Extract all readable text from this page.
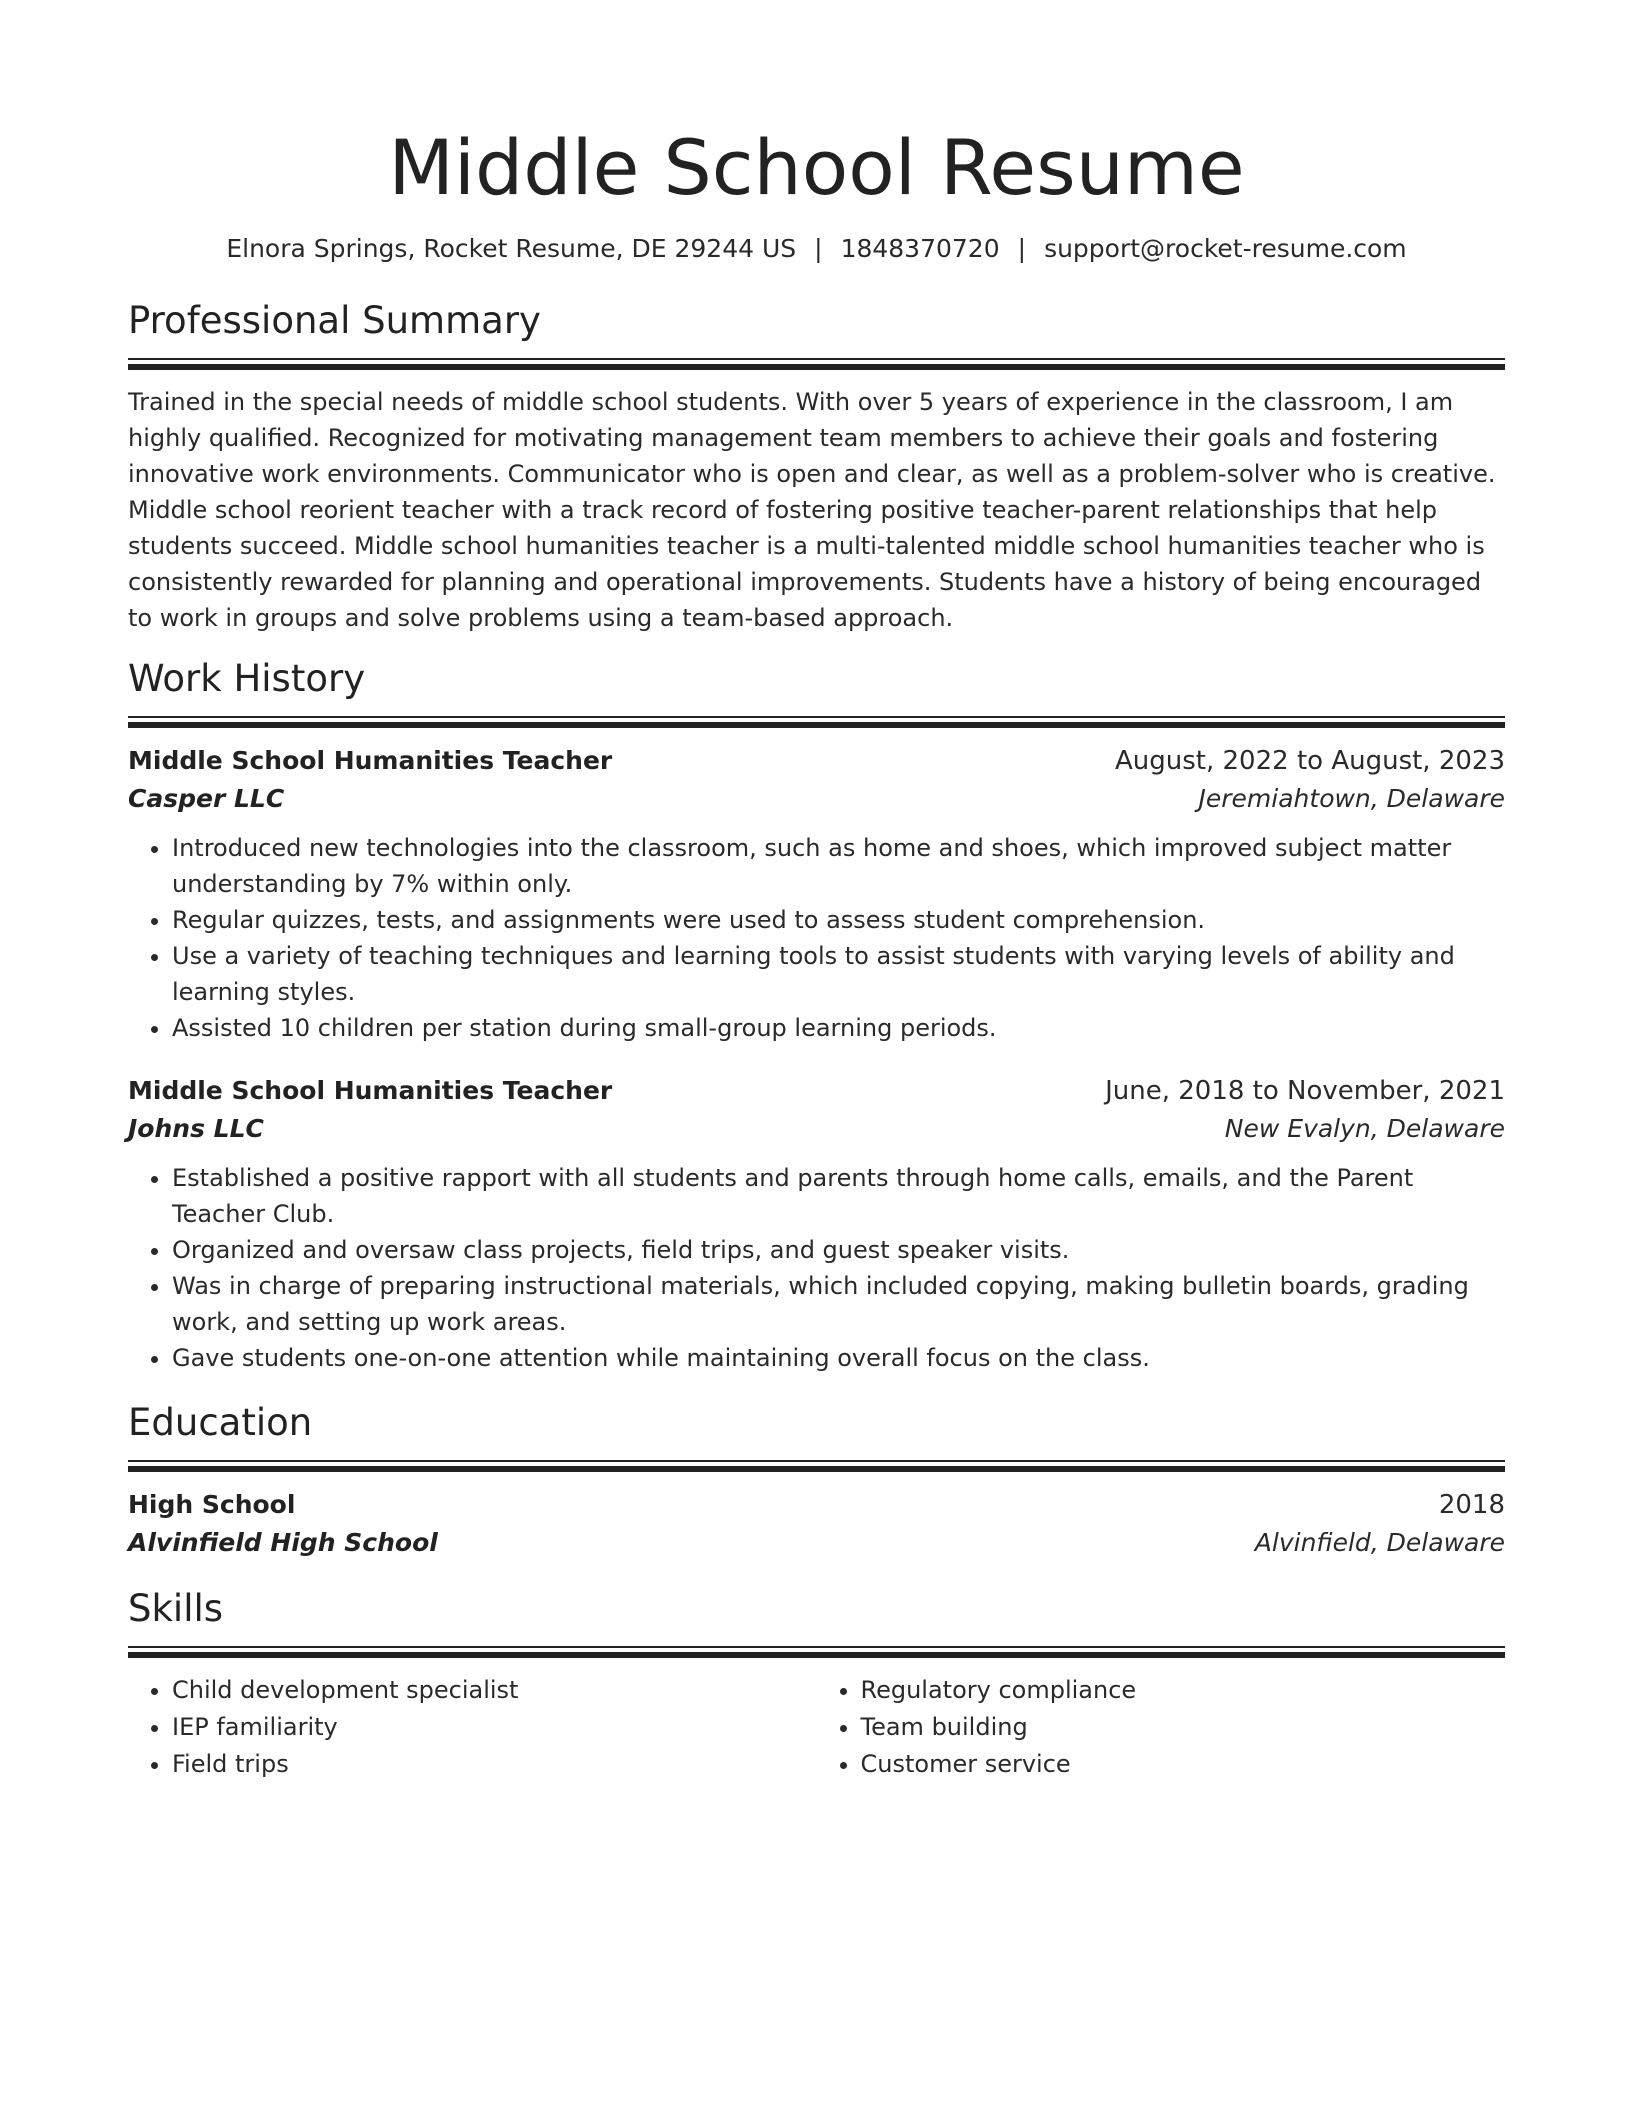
Middle School Resume
Elnora Springs, Rocket Resume, DE 29244 US | 1848370720 | support@rocket-resume.com
Professional Summary

Trained in the special needs of middle school students. With over 5 years of experience in the classroom, I am highly qualified. Recognized for motivating management team members to achieve their goals and fostering innovative work environments. Communicator who is open and clear, as well as a problem-solver who is creative. Middle school reorient teacher with a track record of fostering positive teacher-parent relationships that help students succeed. Middle school humanities teacher is a multi-talented middle school humanities teacher who is consistently rewarded for planning and operational improvements. Students have a history of being encouraged to work in groups and solve problems using a team-based approach.

Work History
Middle School Humanities Teacher	August, 2022 to August, 2023
Casper LLC	Jeremiahtown, Delaware
• Introduced new technologies into the classroom, such as home and shoes, which improved subject matter understanding by 7% within only.
• Regular quizzes, tests, and assignments were used to assess student comprehension.
• Use a variety of teaching techniques and learning tools to assist students with varying levels of ability and learning styles.
• Assisted 10 children per station during small-group learning periods.
Middle School Humanities Teacher	June, 2018 to November, 2021
Johns LLC	New Evalyn, Delaware
• Established a positive rapport with all students and parents through home calls, emails, and the Parent Teacher Club.
• Organized and oversaw class projects, field trips, and guest speaker visits.
• Was in charge of preparing instructional materials, which included copying, making bulletin boards, grading work, and setting up work areas.
• Gave students one-on-one attention while maintaining overall focus on the class.
Education
High School	2018
Alvinfield High School	Alvinfield, Delaware
Skills
• Child development specialist
• IEP familiarity
• Field trips
• Regulatory compliance
• Team building
• Customer service
